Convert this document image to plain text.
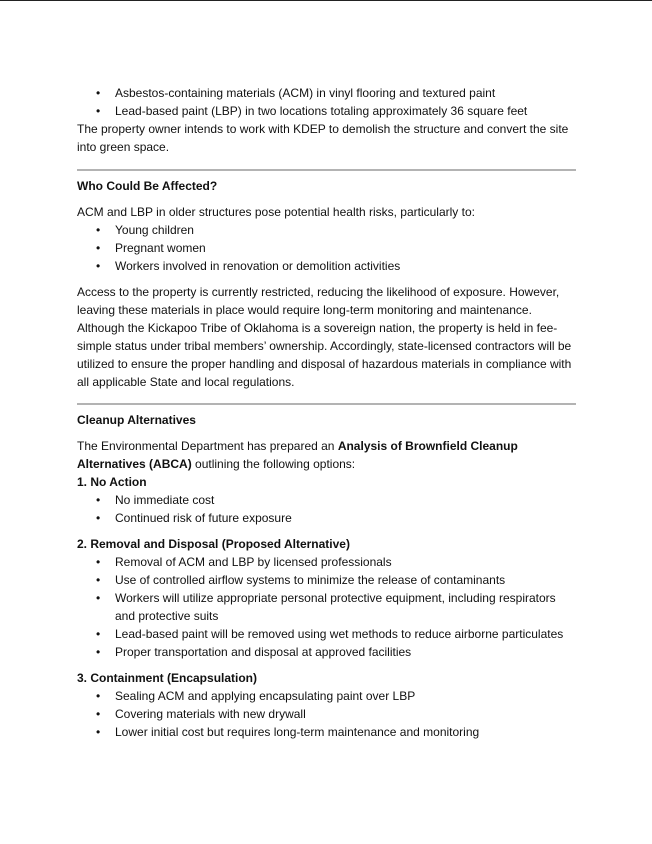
• Asbestos-containing materials (ACM) in vinyl flooring and textured paint
• Lead-based paint (LBP) in two locations totaling approximately 36 square feet

The property owner intends to work with KDEP to demolish the structure and convert the site into green space.

Who Could Be Affected?

ACM and LBP in older structures pose potential health risks, particularly to:

• Young children
• Pregnant women
• Workers involved in renovation or demolition activities

Access to the property is currently restricted, reducing the likelihood of exposure. However, leaving these materials in place would require long-term monitoring and maintenance. Although the Kickapoo Tribe of Oklahoma is a sovereign nation, the property is held in fee-simple status under tribal members’ ownership. Accordingly, state-licensed contractors will be utilized to ensure the proper handling and disposal of hazardous materials in compliance with all applicable State and local regulations.

Cleanup Alternatives

The Environmental Department has prepared an Analysis of Brownfield Cleanup Alternatives (ABCA) outlining the following options:

1. No Action

• No immediate cost
• Continued risk of future exposure

2. Removal and Disposal (Proposed Alternative)

• Removal of ACM and LBP by licensed professionals
• Use of controlled airflow systems to minimize the release of contaminants
• Workers will utilize appropriate personal protective equipment, including respirators and protective suits
• Lead-based paint will be removed using wet methods to reduce airborne particulates
• Proper transportation and disposal at approved facilities

3. Containment (Encapsulation)

• Sealing ACM and applying encapsulating paint over LBP
• Covering materials with new drywall
• Lower initial cost but requires long-term maintenance and monitoring
